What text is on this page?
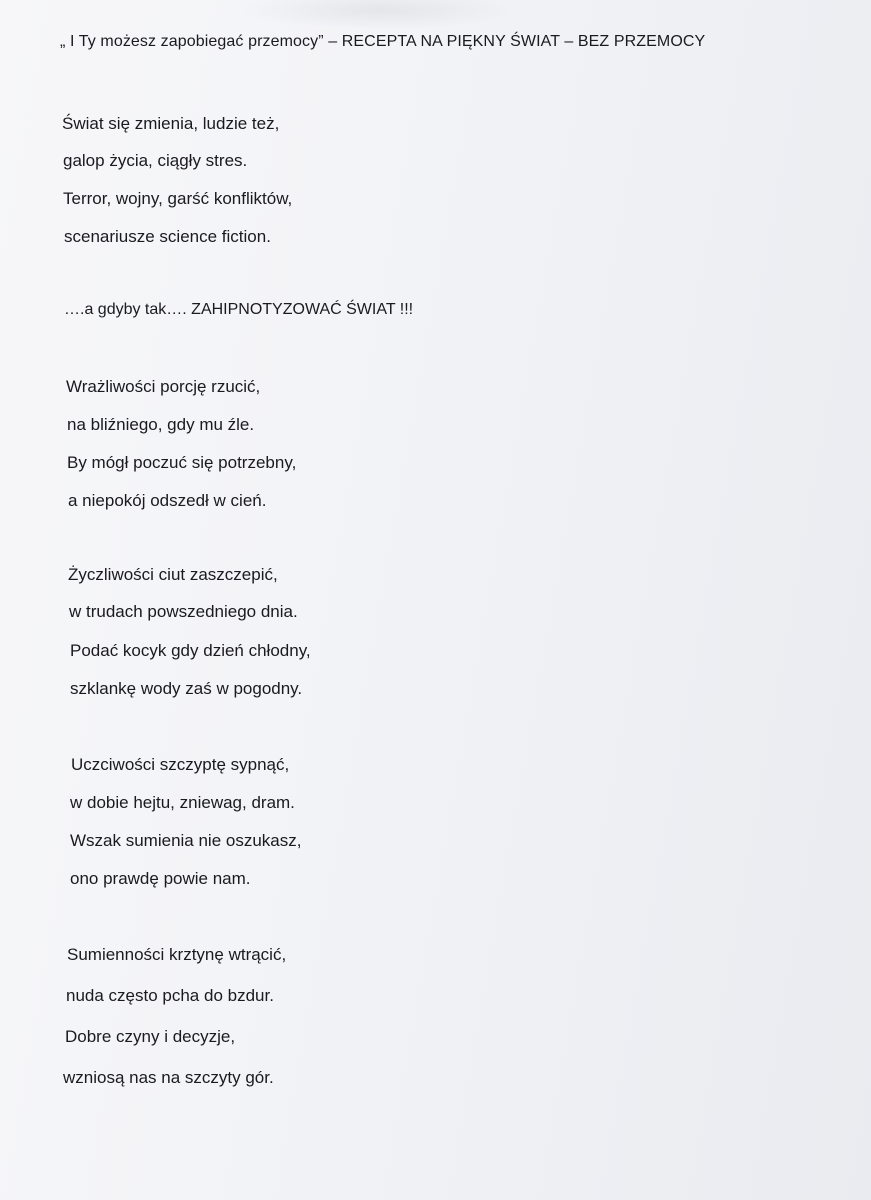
„ I Ty możesz zapobiegać przemocy” – RECEPTA NA PIĘKNY ŚWIAT – BEZ PRZEMOCY
Świat się zmienia, ludzie też,
galop życia, ciągły stres.
Terror, wojny, garść konfliktów,
scenariusze science fiction.
….a gdyby tak…. ZAHIPNOTYZOWAĆ ŚWIAT !!!
Wrażliwości porcję rzucić,
na bliźniego, gdy mu źle.
By mógł poczuć się potrzebny,
a niepokój odszedł w cień.
Życzliwości ciut zaszczepić,
w trudach powszedniego dnia.
Podać kocyk gdy dzień chłodny,
szklankę wody zaś w pogodny.
Uczciwości szczyptę sypnąć,
w dobie hejtu, zniewag, dram.
Wszak sumienia nie oszukasz,
ono prawdę powie nam.
Sumienności krztynę wtrącić,
nuda często pcha do bzdur.
Dobre czyny i decyzje,
wzniosą nas na szczyty gór.
